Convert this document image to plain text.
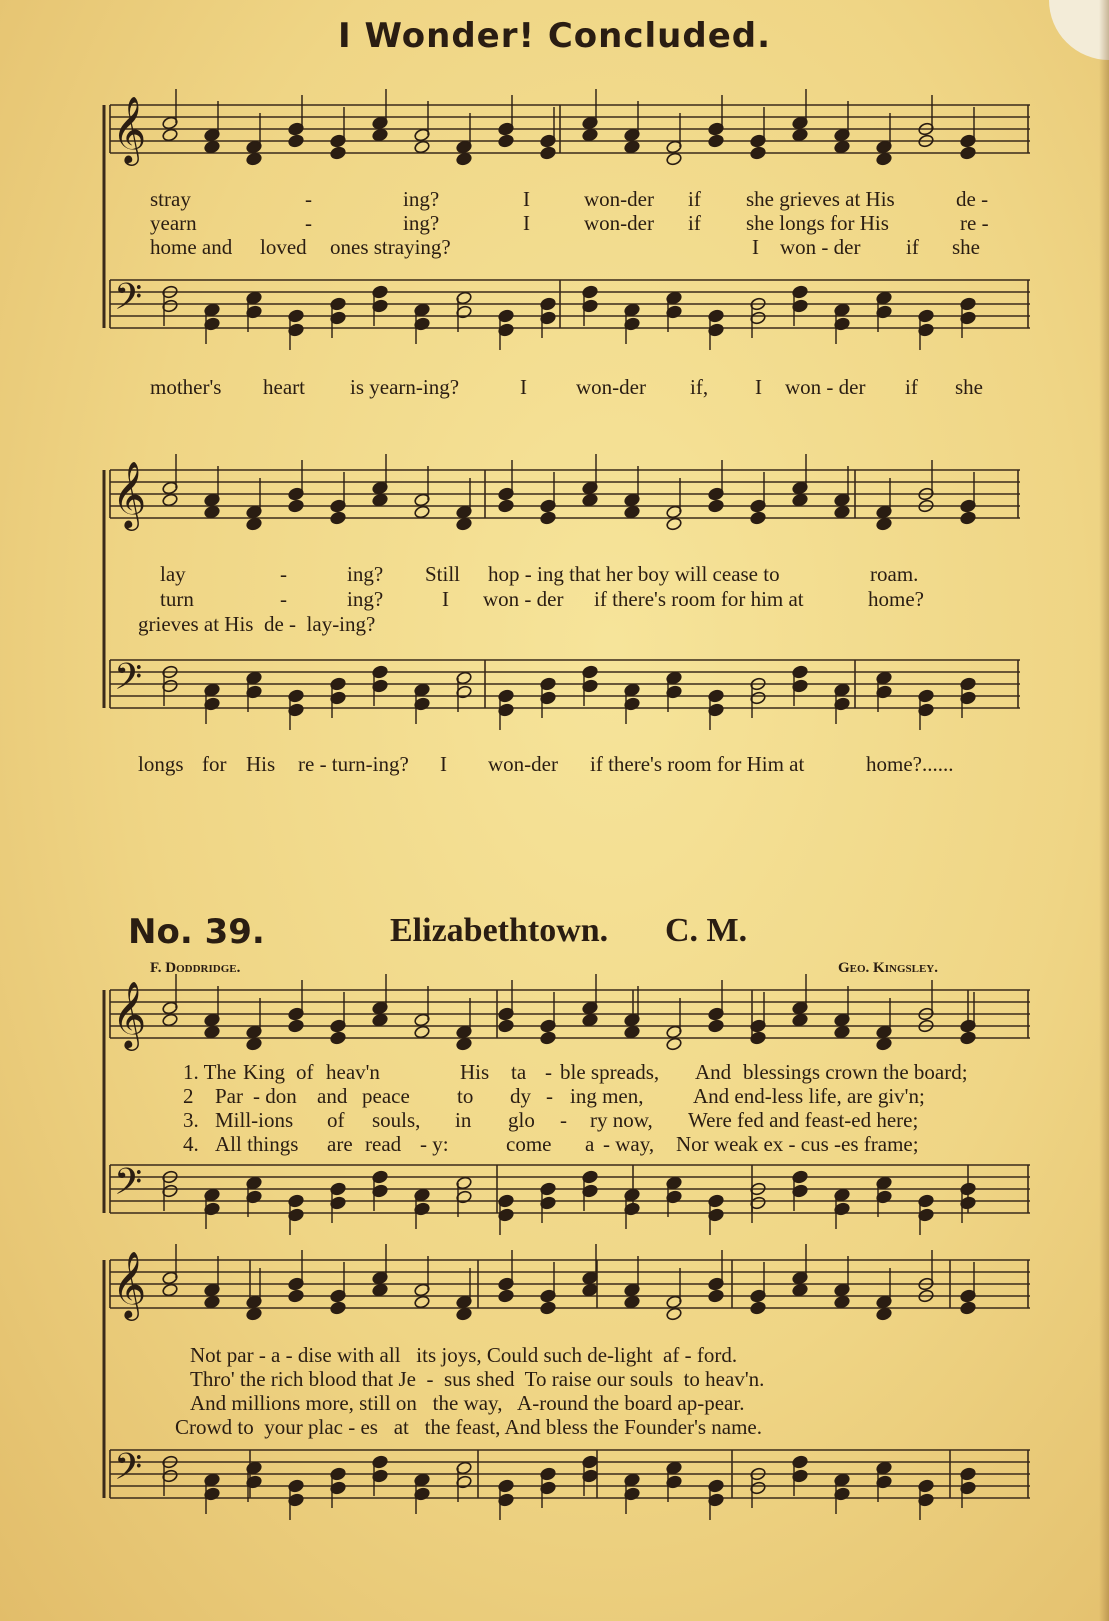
I Wonder! Concluded.
stray	-	ing?	I	won-der if she grieves at His	de -
yearn	-	ing?	I	won-der if she longs for His	re -
home and loved ones straying?	I won - der if she
mother's heart is yearn-ing?	I won-der if, I won - der if she
lay	-	ing? Still hop - ing that her boy will cease to	roam.
turn	-	ing?	I won - der if there's room for him at	home?
grieves at His  de -  lay-ing?
longs for His re - turn-ing? I won-der if there's room for Him at	home?......
No. 39.	Elizabethtown. C. M.
F. Doddridge.	Geo. Kingsley.
1. The King of heav'n	His ta - ble spreads, And blessings crown the board;
2 Par - don and peace to dy - ing men, And end-less life, are giv'n;
3. Mill-ions of souls, in glo - ry now, Were fed and feast-ed here;
4. All things are read - y:	come a - way, Nor weak ex - cus -es frame;
Not par - a - dise with all   its joys, Could such de-light  af - ford.
Thro' the rich blood that Je  -  sus shed  To raise our souls  to heav'n.
And millions more, still on   the way,   A-round the board ap-pear.
Crowd to  your plac - es   at   the feast, And bless the Founder's name.
𝄞
𝄢
𝄞
𝄢
𝄞
𝄢
𝄞
𝄢
